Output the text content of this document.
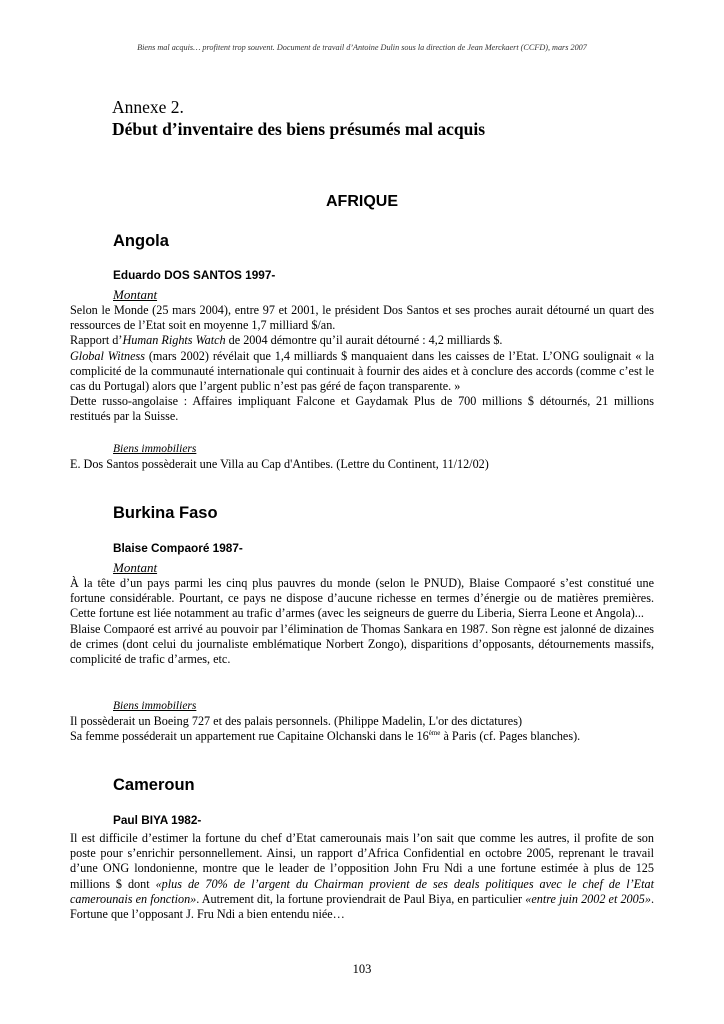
Biens mal acquis… profitent trop souvent. Document de travail d’Antoine Dulin sous la direction de Jean Merckaert (CCFD), mars 2007
Annexe 2.
Début d’inventaire des biens présumés mal acquis
AFRIQUE
Angola
Eduardo DOS SANTOS 1997-
Montant

Selon le Monde (25 mars 2004), entre 97 et 2001, le président Dos Santos et ses proches aurait détourné un quart des ressources de l’Etat soit en moyenne 1,7 milliard $/an.

Rapport d’Human Rights Watch de 2004 démontre qu’il aurait détourné : 4,2 milliards $.

Global Witness (mars 2002) révélait que 1,4 milliards $ manquaient dans les caisses de l’Etat. L’ONG soulignait « la complicité de la communauté internationale qui continuait à fournir des aides et à conclure des accords (comme c’est le cas du Portugal) alors que l’argent public n’est pas géré de façon transparente. »

Dette russo-angolaise : Affaires impliquant Falcone et Gaydamak Plus de 700 millions $ détournés, 21 millions restitués par la Suisse.

Biens immobiliers

E. Dos Santos possèderait une Villa au Cap d'Antibes. (Lettre du Continent, 11/12/02)

Burkina Faso
Blaise Compaoré 1987-
Montant

À la tête d’un pays parmi les cinq plus pauvres du monde (selon le PNUD), Blaise Compaoré s’est constitué une fortune considérable. Pourtant, ce pays ne dispose d’aucune richesse en termes d’énergie ou de matières premières. Cette fortune est liée notamment au trafic d’armes (avec les seigneurs de guerre du Liberia, Sierra Leone et Angola)...

Blaise Compaoré est arrivé au pouvoir par l’élimination de Thomas Sankara en 1987. Son règne est jalonné de dizaines de crimes (dont celui du journaliste emblématique Norbert Zongo), disparitions d’opposants, détournements massifs, complicité de trafic d’armes, etc.

Biens immobiliers

Il possèderait un Boeing 727 et des palais personnels. (Philippe Madelin, L'or des dictatures)

Sa femme posséderait un appartement rue Capitaine Olchanski dans le 16ème à Paris (cf. Pages blanches).

Cameroun
Paul BIYA 1982-

Il est difficile d’estimer la fortune du chef d’Etat camerounais mais l’on sait que comme les autres, il profite de son poste pour s’enrichir personnellement. Ainsi, un rapport d’Africa Confidential en octobre 2005, reprenant le travail d’une ONG londonienne, montre que le leader de l’opposition John Fru Ndi a une fortune estimée à plus de 125 millions $ dont «plus de 70% de l’argent du Chairman provient de ses deals politiques avec le chef de l’Etat camerounais en fonction». Autrement dit, la fortune proviendrait de Paul Biya, en particulier «entre juin 2002 et 2005». Fortune que l’opposant J. Fru Ndi a bien entendu niée…

103
